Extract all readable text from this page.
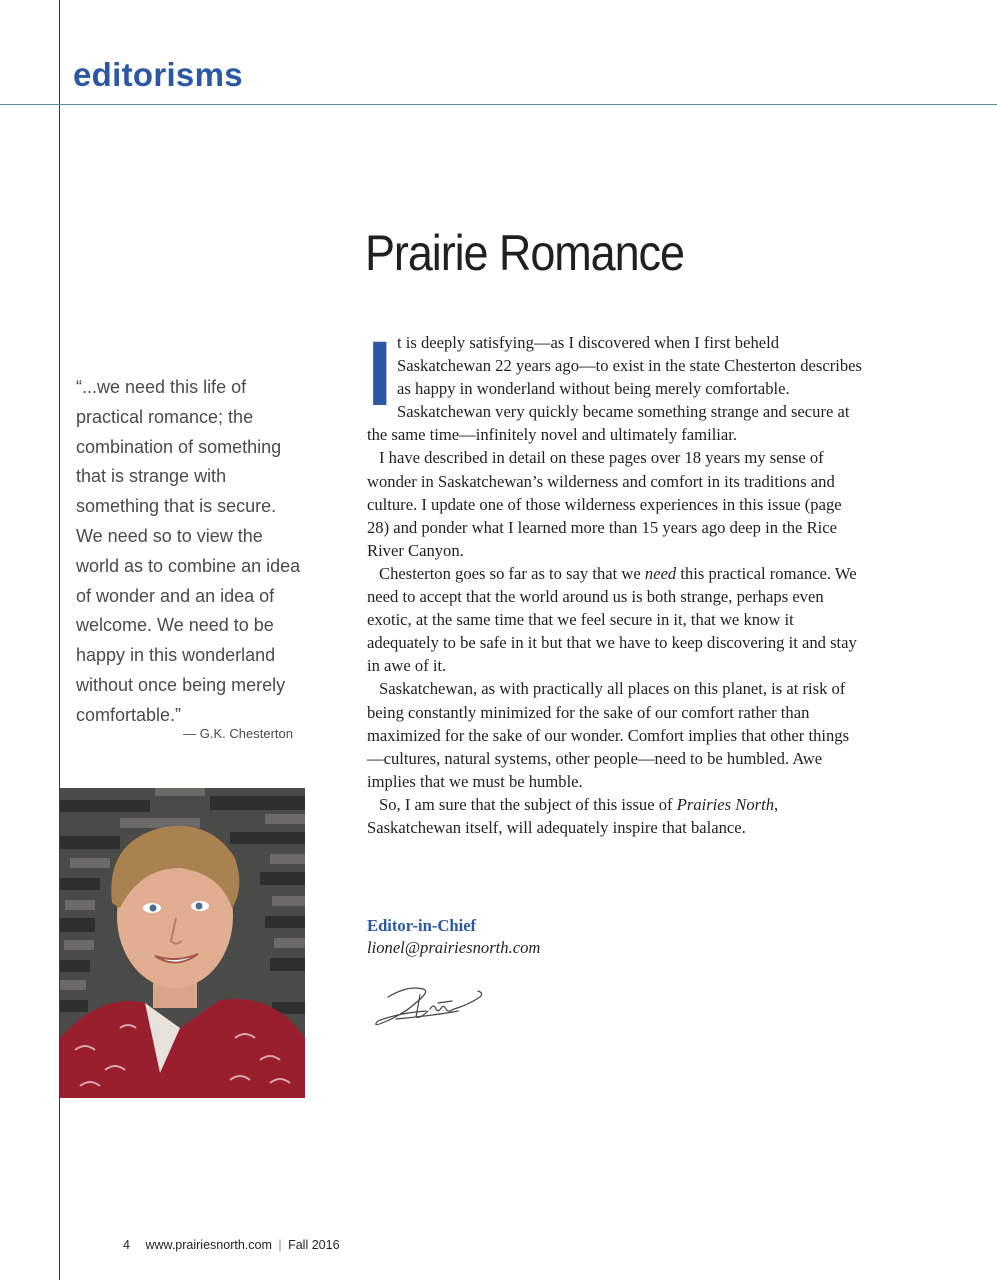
editorisms
Prairie Romance
“...we need this life of practical romance; the combination of something that is strange with something that is secure. We need so to view the world as to combine an idea of wonder and an idea of welcome. We need to be happy in this wonderland without once being merely comfortable.”
— G.K. Chesterton

It is deeply satisfying—as I discovered when I first beheld Saskatchewan 22 years ago—to exist in the state Chesterton describes as happy in wonderland without being merely comfortable. Saskatchewan very quickly became something strange and secure at the same time—infinitely novel and ultimately familiar.

I have described in detail on these pages over 18 years my sense of wonder in Saskatchewan’s wilderness and comfort in its traditions and culture. I update one of those wilderness experiences in this issue (page 28) and ponder what I learned more than 15 years ago deep in the Rice River Canyon.

Chesterton goes so far as to say that we need this practical romance. We need to accept that the world around us is both strange, perhaps even exotic, at the same time that we feel secure in it, that we know it adequately to be safe in it but that we have to keep discovering it and stay in awe of it.

Saskatchewan, as with practically all places on this planet, is at risk of being constantly minimized for the sake of our comfort rather than maximized for the sake of our wonder. Comfort implies that other things—cultures, natural systems, other people—need to be humbled. Awe implies that we must be humble.

So, I am sure that the subject of this issue of Prairies North, Saskatchewan itself, will adequately inspire that balance.

Editor-in-Chief
lionel@prairiesnorth.com
4 www.prairiesnorth.com | Fall 2016
